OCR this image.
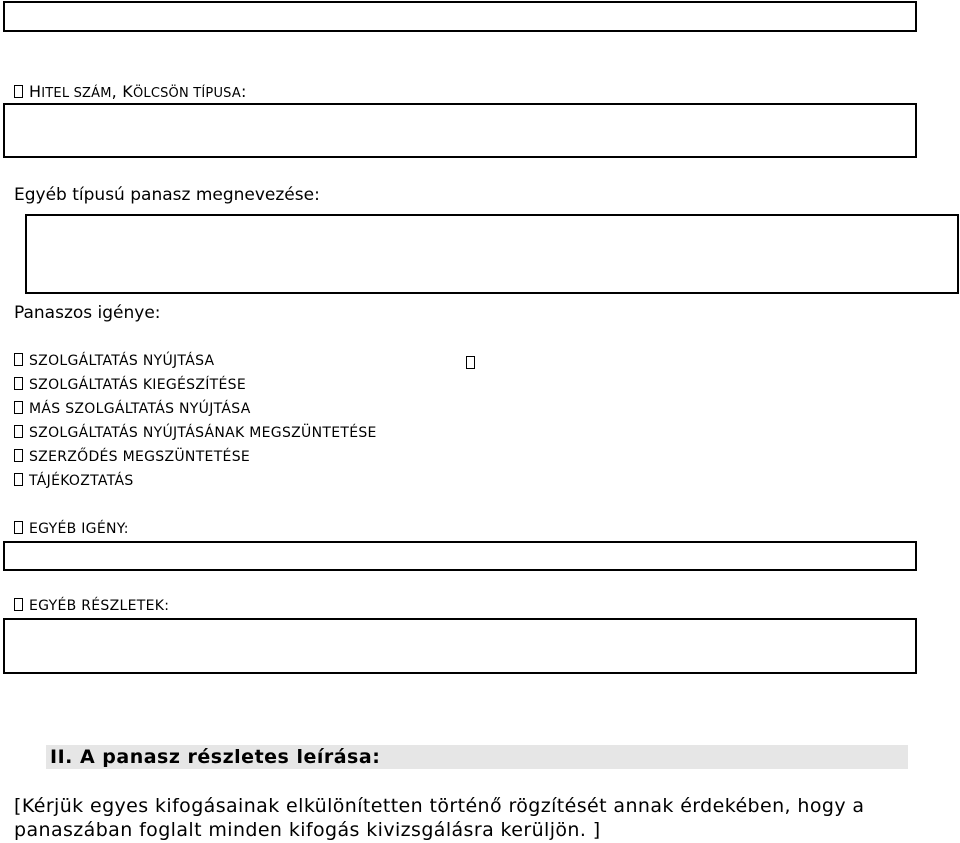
HITEL SZÁM, KÖLCSÖN TÍPUSA:
Egyéb típusú panasz megnevezése:
Panaszos igénye:
SZOLGÁLTATÁS NYÚJTÁSA
SZOLGÁLTATÁS KIEGÉSZÍTÉSE
MÁS SZOLGÁLTATÁS NYÚJTÁSA
SZOLGÁLTATÁS NYÚJTÁSÁNAK MEGSZÜNTETÉSE
SZERZŐDÉS MEGSZÜNTETÉSE
TÁJÉKOZTATÁS
EGYÉB IGÉNY:
EGYÉB RÉSZLETEK:
II. A panasz részletes leírása:
[Kérjük egyes kifogásainak elkülönítetten történő rögzítését annak érdekében, hogy a panaszában foglalt minden kifogás kivizsgálásra kerüljön. ]
